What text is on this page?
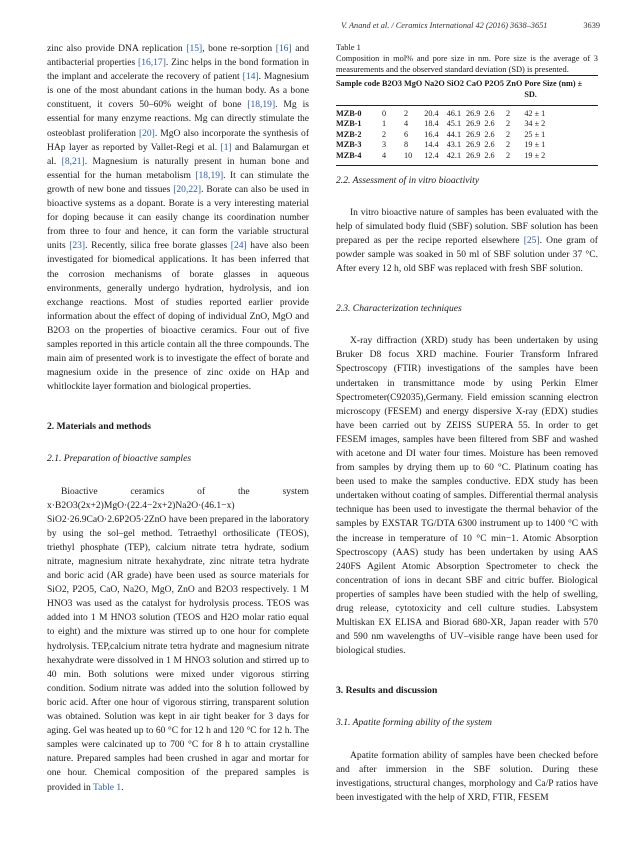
V. Anand et al. / Ceramics International 42 (2016) 3638–3651	3639

zinc also provide DNA replication [15], bone re-sorption [16] and antibacterial properties [16,17]. Zinc helps in the bond formation in the implant and accelerate the recovery of patient [14]. Magnesium is one of the most abundant cations in the human body. As a bone constituent, it covers 50–60% weight of bone [18,19]. Mg is essential for many enzyme reactions. Mg can directly stimulate the osteoblast proliferation [20]. MgO also incorporate the synthesis of HAp layer as reported by Vallet-Regi et al. [1] and Balamurgan et al. [8,21]. Magnesium is naturally present in human bone and essential for the human metabolism [18,19]. It can stimulate the growth of new bone and tissues [20,22]. Borate can also be used in bioactive systems as a dopant. Borate is a very interesting material for doping because it can easily change its coordination number from three to four and hence, it can form the variable structural units [23]. Recently, silica free borate glasses [24] have also been investigated for biomedical applications. It has been inferred that the corrosion mechanisms of borate glasses in aqueous environments, generally undergo hydration, hydrolysis, and ion exchange reactions. Most of studies reported earlier provide information about the effect of doping of individual ZnO, MgO and B2O3 on the properties of bioactive ceramics. Four out of five samples reported in this article contain all the three compounds. The main aim of presented work is to investigate the effect of borate and magnesium oxide in the presence of zinc oxide on HAp and whitlockite layer formation and biological properties.

2. Materials and methods

2.1. Preparation of bioactive samples

Bioactive ceramics of the system x·B2O3(2x+2)MgO·(22.4−2x+2)Na2O·(46.1−x) SiO2·26.9CaO·2.6P2O5·2ZnO have been prepared in the laboratory by using the sol–gel method. Tetraethyl orthosilicate (TEOS), triethyl phosphate (TEP), calcium nitrate tetra hydrate, sodium nitrate, magnesium nitrate hexahydrate, zinc nitrate tetra hydrate and boric acid (AR grade) have been used as source materials for SiO2, P2O5, CaO, Na2O, MgO, ZnO and B2O3 respectively. 1 M HNO3 was used as the catalyst for hydrolysis process. TEOS was added into 1 M HNO3 solution (TEOS and H2O molar ratio equal to eight) and the mixture was stirred up to one hour for complete hydrolysis. TEP,calcium nitrate tetra hydrate and magnesium nitrate hexahydrate were dissolved in 1 M HNO3 solution and stirred up to 40 min. Both solutions were mixed under vigorous stirring condition. Sodium nitrate was added into the solution followed by boric acid. After one hour of vigorous stirring, transparent solution was obtained. Solution was kept in air tight beaker for 3 days for aging. Gel was heated up to 60 °C for 12 h and 120 °C for 12 h. The samples were calcinated up to 700 °C for 8 h to attain crystalline nature. Prepared samples had been crushed in agar and mortar for one hour. Chemical composition of the prepared samples is provided in Table 1.

Table 1

Composition in mol% and pore size in nm. Pore size is the average of 3 measurements and the observed standard deviation (SD) is presented.

Sample code	B2O3	MgO	Na2O	SiO2	CaO	P2O5	ZnO	Pore Size (nm) ± SD.
MZB-0	0	2	20.4	46.1	26.9	2.6	2	42 ± 1
MZB-1	1	4	18.4	45.1	26.9	2.6	2	34 ± 2
MZB-2	2	6	16.4	44.1	26.9	2.6	2	25 ± 1
MZB-3	3	8	14.4	43.1	26.9	2.6	2	19 ± 1
MZB-4	4	10	12.4	42.1	26.9	2.6	2	19 ± 2

2.2. Assessment of in vitro bioactivity

In vitro bioactive nature of samples has been evaluated with the help of simulated body fluid (SBF) solution. SBF solution has been prepared as per the recipe reported elsewhere [25]. One gram of powder sample was soaked in 50 ml of SBF solution under 37 °C. After every 12 h, old SBF was replaced with fresh SBF solution.

2.3. Characterization techniques

X-ray diffraction (XRD) study has been undertaken by using Bruker D8 focus XRD machine. Fourier Transform Infrared Spectroscopy (FTIR) investigations of the samples have been undertaken in transmittance mode by using Perkin Elmer Spectrometer(C92035),Germany. Field emission scanning electron microscopy (FESEM) and energy dispersive X-ray (EDX) studies have been carried out by ZEISS SUPERA 55. In order to get FESEM images, samples have been filtered from SBF and washed with acetone and DI water four times. Moisture has been removed from samples by drying them up to 60 °C. Platinum coating has been used to make the samples conductive. EDX study has been undertaken without coating of samples. Differential thermal analysis technique has been used to investigate the thermal behavior of the samples by EXSTAR TG/DTA 6300 instrument up to 1400 °C with the increase in temperature of 10 °C min−1. Atomic Absorption Spectroscopy (AAS) study has been undertaken by using AAS 240FS Agilent Atomic Absorption Spectrometer to check the concentration of ions in decant SBF and citric buffer. Biological properties of samples have been studied with the help of swelling, drug release, cytotoxicity and cell culture studies. Labsystem Multiskan EX ELISA and Biorad 680-XR, Japan reader with 570 and 590 nm wavelengths of UV–visible range have been used for biological studies.

3. Results and discussion

3.1. Apatite forming ability of the system

Apatite formation ability of samples have been checked before and after immersion in the SBF solution. During these investigations, structural changes, morphology and Ca/P ratios have been investigated with the help of XRD, FTIR, FESEM
